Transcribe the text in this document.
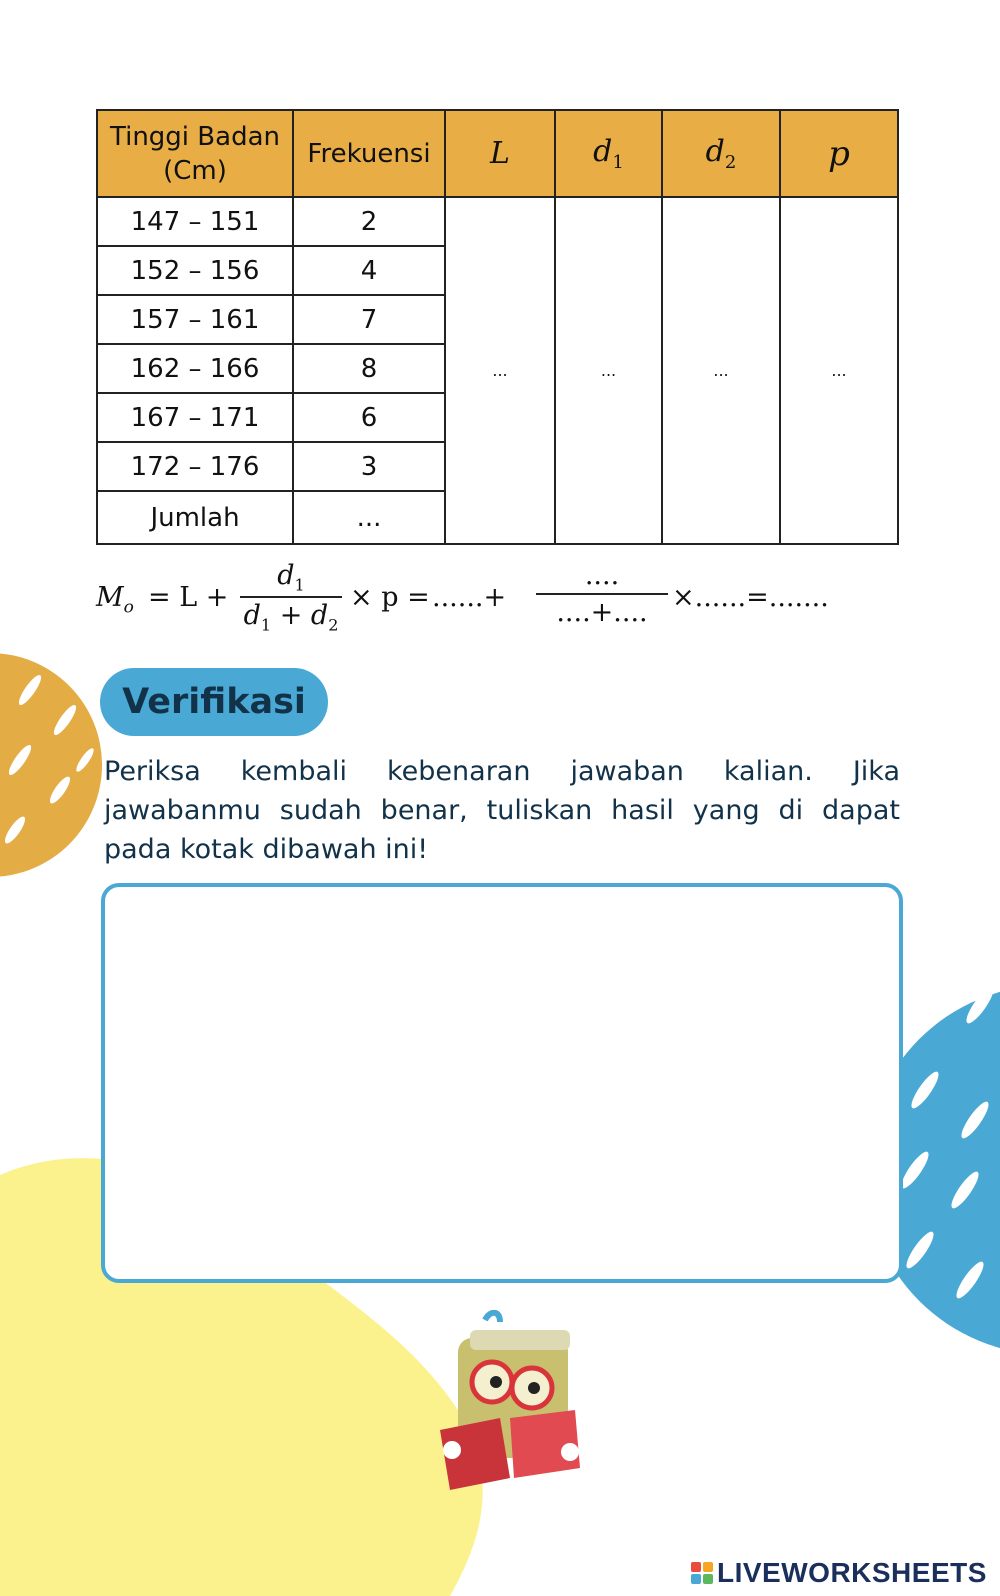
Tinggi Badan
(Cm)	Frekuensi	L	$d_1$	$d_2$	p
147 – 151	2	...	...	...	...
152 – 156	4				
157 – 161	7				
162 – 166	8				
167 – 171	6				
172 – 176	3				
Jumlah	...				
$M_o = L$ +
$d_1$
$d_1 + d_2$
× p = ......+
....
....+.... ×......=.......
Verifikasi
Periksa kembali kebenaran jawaban kalian. Jika jawabanmu sudah benar, tuliskan hasil yang di dapat pada kotak dibawah ini!
LIVEWORKSHEETS
